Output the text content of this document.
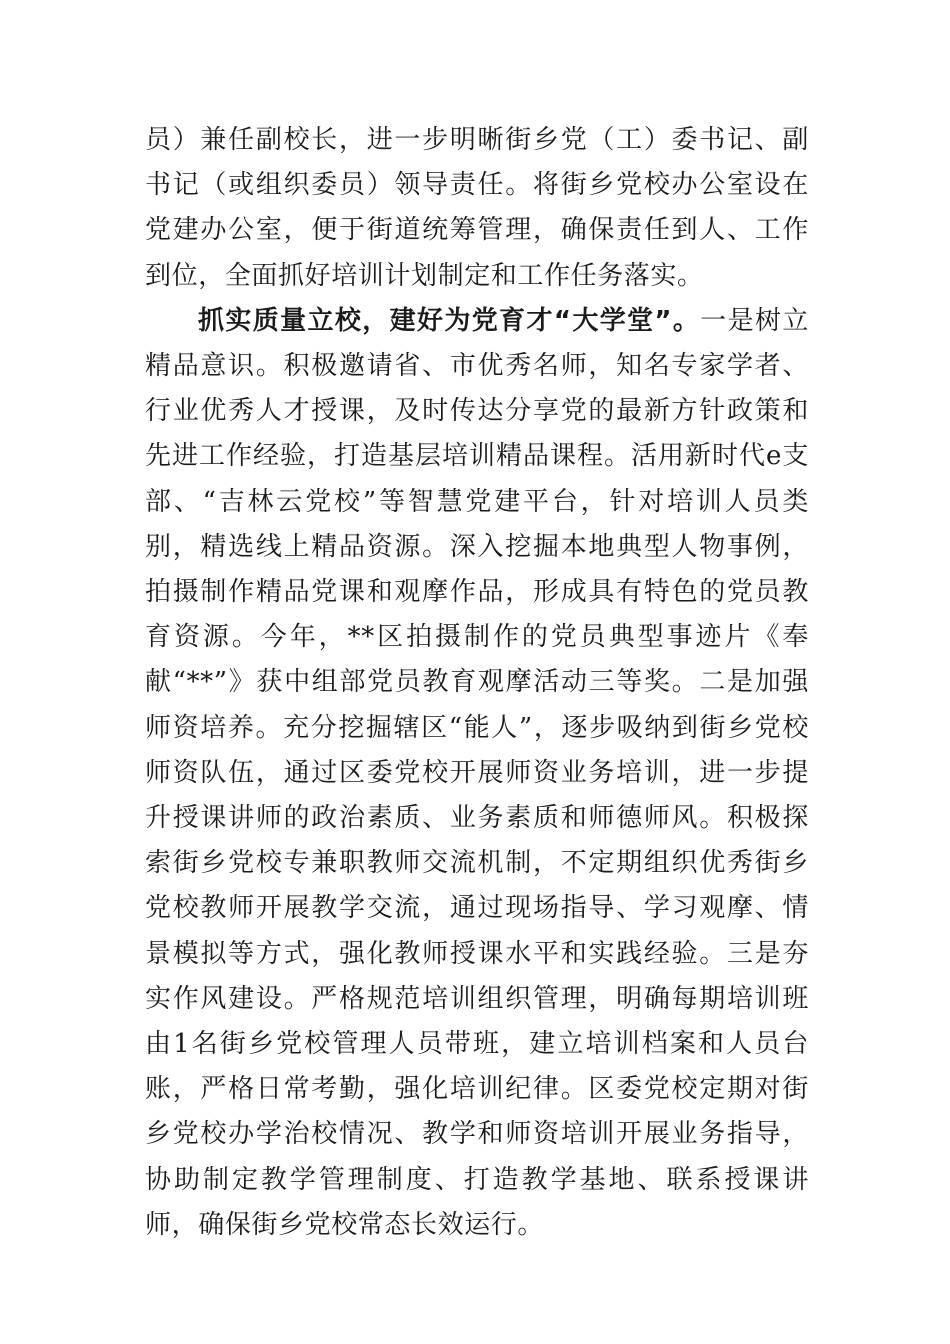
员）兼任副校长，进一步明晰街乡党（工）委书记、副书记（或组织委员）领导责任。将街乡党校办公室设在党建办公室，便于街道统筹管理，确保责任到人、工作到位，全面抓好培训计划制定和工作任务落实。

抓实质量立校，建好为党育才“大学堂”。一是树立精品意识。积极邀请省、市优秀名师，知名专家学者、行业优秀人才授课，及时传达分享党的最新方针政策和先进工作经验，打造基层培训精品课程。活用新时代e支部、“吉林云党校”等智慧党建平台，针对培训人员类别，精选线上精品资源。深入挖掘本地典型人物事例，拍摄制作精品党课和观摩作品，形成具有特色的党员教育资源。今年，**区拍摄制作的党员典型事迹片《奉献“**”》获中组部党员教育观摩活动三等奖。二是加强师资培养。充分挖掘辖区“能人”，逐步吸纳到街乡党校师资队伍，通过区委党校开展师资业务培训，进一步提升授课讲师的政治素质、业务素质和师德师风。积极探索街乡党校专兼职教师交流机制，不定期组织优秀街乡党校教师开展教学交流，通过现场指导、学习观摩、情景模拟等方式，强化教师授课水平和实践经验。三是夯实作风建设。严格规范培训组织管理，明确每期培训班由1名街乡党校管理人员带班，建立培训档案和人员台账，严格日常考勤，强化培训纪律。区委党校定期对街乡党校办学治校情况、教学和师资培训开展业务指导，协助制定教学管理制度、打造教学基地、联系授课讲师，确保街乡党校常态长效运行。
